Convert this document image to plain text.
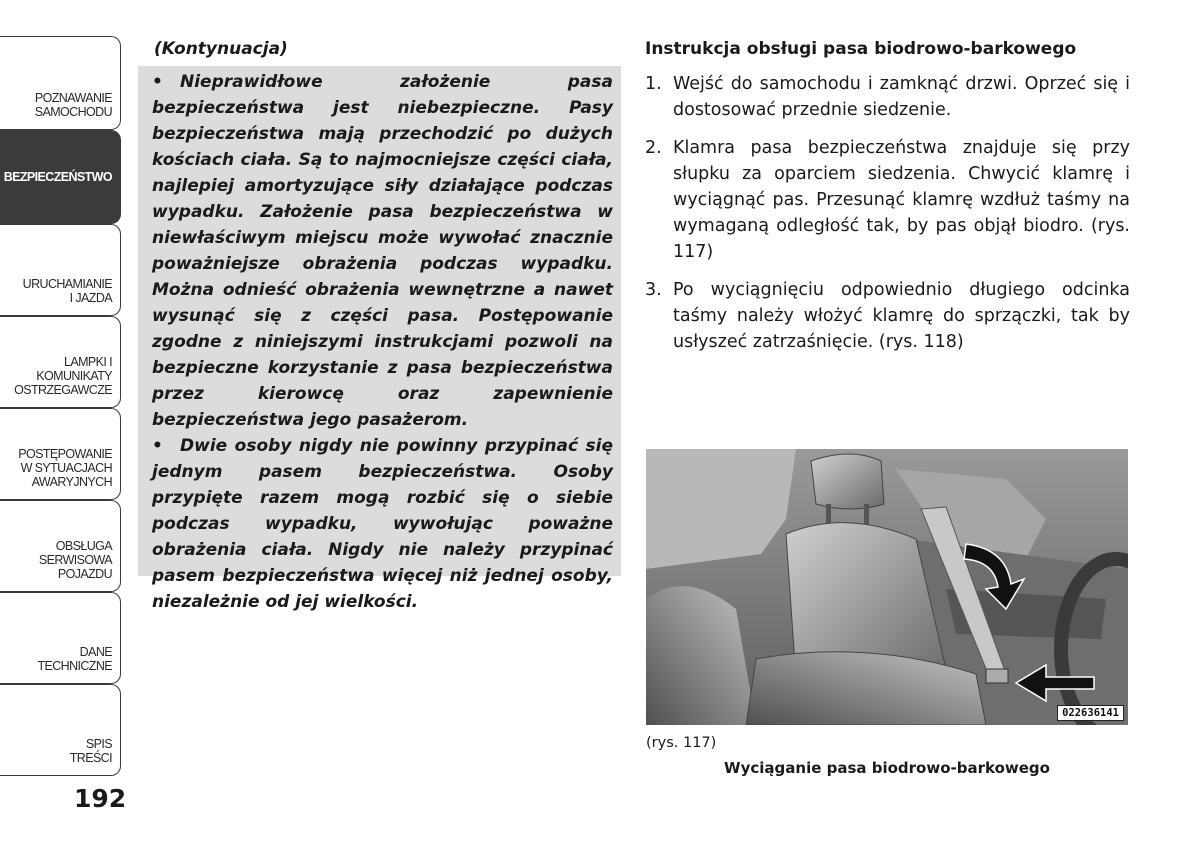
POZNAWANIE
SAMOCHODU
BEZPIECZEŃSTWO
URUCHAMIANIE
I JAZDA
LAMPKI I
KOMUNIKATY
OSTRZEGAWCZE
POSTĘPOWANIE
W SYTUACJACH
AWARYJNYCH
OBSŁUGA
SERWISOWA
POJAZDU
DANE
TECHNICZNE
SPIS
TREŚCI
192
(Kontynuacja)

• Nieprawidłowe założenie pasa bezpieczeństwa jest niebezpieczne. Pasy bezpieczeństwa mają przechodzić po dużych kościach ciała. Są to najmocniejsze części ciała, najlepiej amortyzujące siły działające podczas wypadku. Założenie pasa bezpieczeństwa w niewłaściwym miejscu może wywołać znacznie poważniejsze obrażenia podczas wypadku. Można odnieść obrażenia wewnętrzne a nawet wysunąć się z części pasa. Postępowanie zgodne z niniejszymi instrukcjami pozwoli na bezpieczne korzystanie z pasa bezpieczeństwa przez kierowcę oraz zapewnienie bezpieczeństwa jego pasażerom.

• Dwie osoby nigdy nie powinny przypinać się jednym pasem bezpieczeństwa. Osoby przypięte razem mogą rozbić się o siebie podczas wypadku, wywołując poważne obrażenia ciała. Nigdy nie należy przypinać pasem bezpieczeństwa więcej niż jednej osoby, niezależnie od jej wielkości.

Instrukcja obsługi pasa biodrowo-barkowego
1. Wejść do samochodu i zamknąć drzwi. Oprzeć się i dostosować przednie siedzenie.
2. Klamra pasa bezpieczeństwa znajduje się przy słupku za oparciem siedzenia. Chwycić klamrę i wyciągnąć pas. Przesunąć klamrę wzdłuż taśmy na wymaganą odległość tak, by pas objął biodro. (rys. 117)
3. Po wyciągnięciu odpowiednio długiego odcinka taśmy należy włożyć klamrę do sprzączki, tak by usłyszeć zatrzaśnięcie. (rys. 118)
022636141
(rys. 117)
Wyciąganie pasa biodrowo-barkowego
